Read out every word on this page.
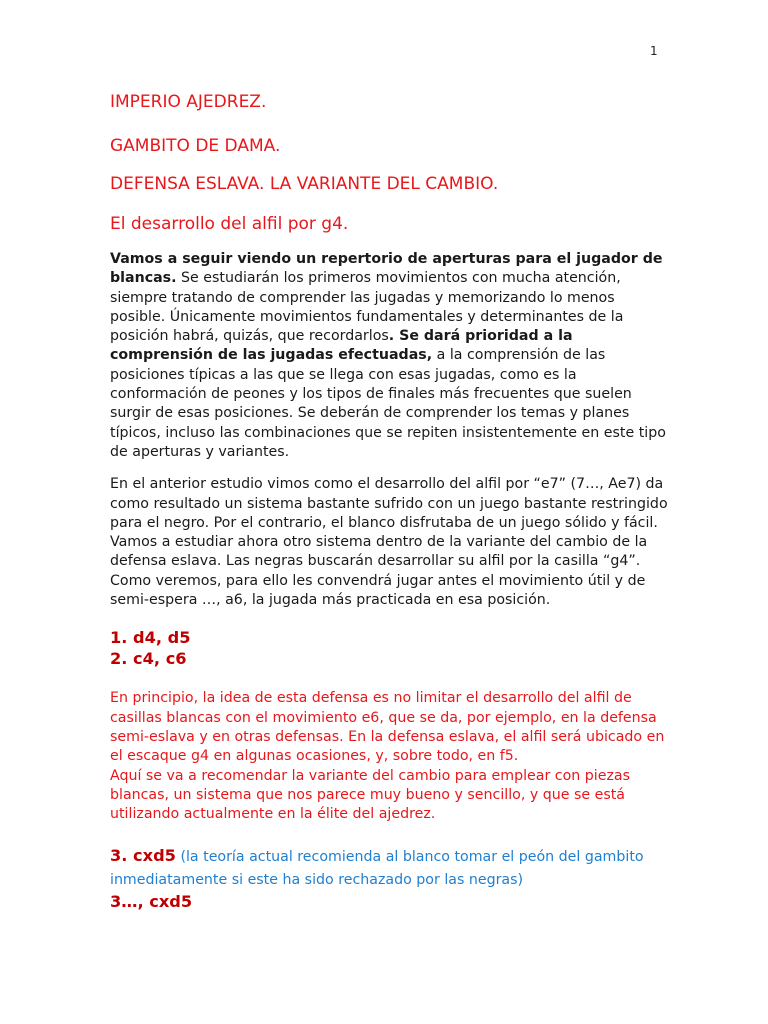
1

IMPERIO AJEDREZ.

GAMBITO DE DAMA.

DEFENSA ESLAVA. LA VARIANTE DEL CAMBIO.

El desarrollo del alfil por g4.

Vamos a seguir viendo un repertorio de aperturas para el jugador de blancas. Se estudiarán los primeros movimientos con mucha atención, siempre tratando de comprender las jugadas y memorizando lo menos posible. Únicamente movimientos fundamentales y determinantes de la posición habrá, quizás, que recordarlos. Se dará prioridad a la comprensión de las jugadas efectuadas, a la comprensión de las posiciones típicas a las que se llega con esas jugadas, como es la conformación de peones y los tipos de finales más frecuentes que suelen surgir de esas posiciones. Se deberán de comprender los temas y planes típicos, incluso las combinaciones que se repiten insistentemente en este tipo de aperturas y variantes.

En el anterior estudio vimos como el desarrollo del alfil por “e7” (7…, Ae7) da como resultado un sistema bastante sufrido con un juego bastante restringido para el negro. Por el contrario, el blanco disfrutaba de un juego sólido y fácil.

Vamos a estudiar ahora otro sistema dentro de la variante del cambio de la defensa eslava. Las negras buscarán desarrollar su alfil por la casilla “g4”. Como veremos, para ello les convendrá jugar antes el movimiento útil y de semi-espera …, a6, la jugada más practicada en esa posición.

1. d4, d5

2. c4, c6

En principio, la idea de esta defensa es no limitar el desarrollo del alfil de casillas blancas con el movimiento e6, que se da, por ejemplo, en la defensa semi-eslava y en otras defensas. En la defensa eslava, el alfil será ubicado en el escaque g4 en algunas ocasiones, y, sobre todo, en f5.

Aquí se va a recomendar la variante del cambio para emplear con piezas blancas, un sistema que nos parece muy bueno y sencillo, y que se está utilizando actualmente en la élite del ajedrez.

3. cxd5 (la teoría actual recomienda al blanco tomar el peón del gambito inmediatamente si este ha sido rechazado por las negras)

3…, cxd5
